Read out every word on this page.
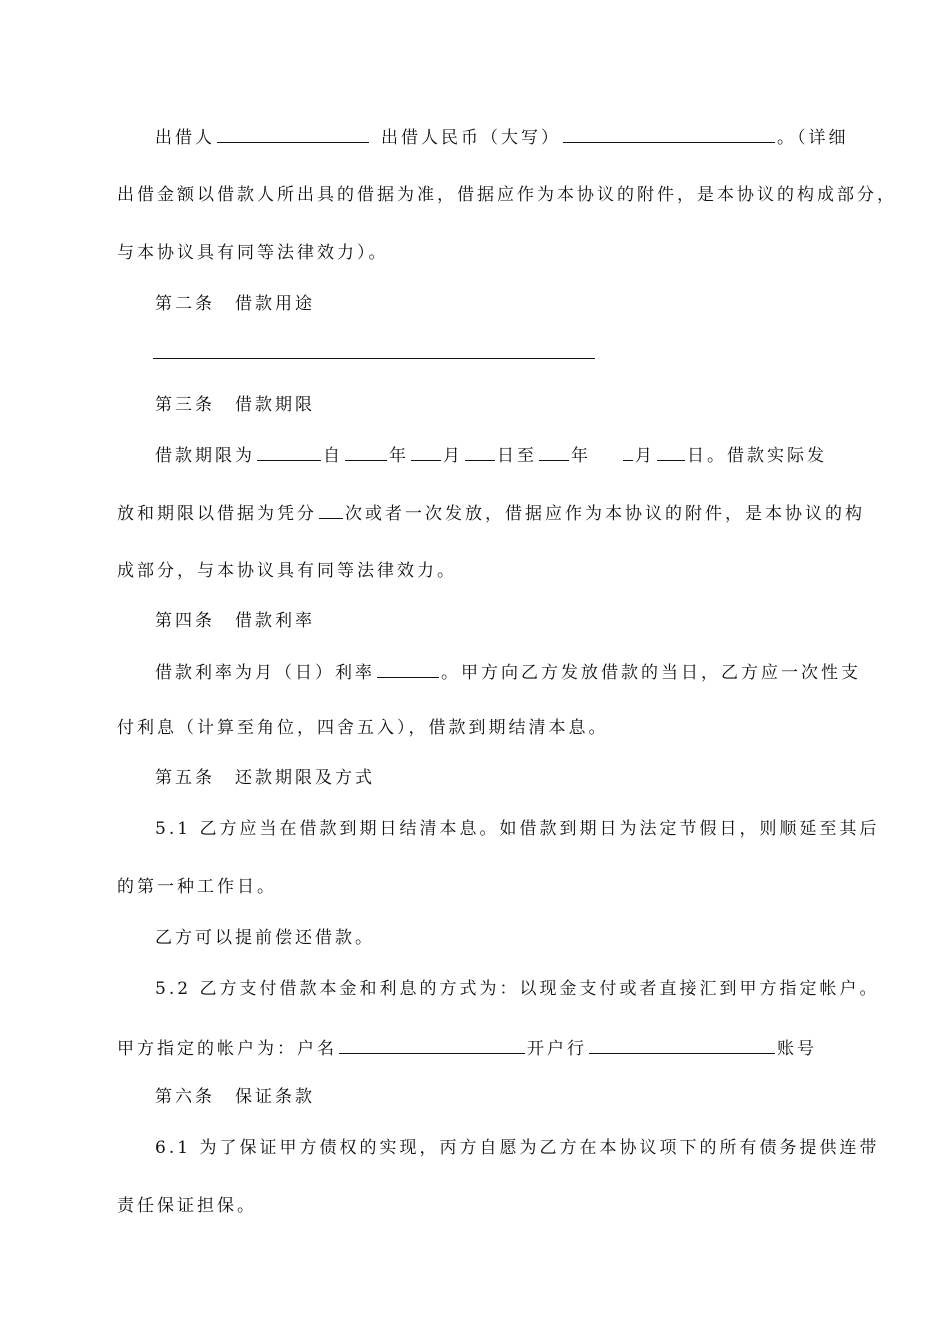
出借人	出借人民币（大写）	。（详细
出借金额以借款人所出具的借据为准，借据应作为本协议的附件，是本协议的构成部分，
与本协议具有同等法律效力）。
第二条　借款用途
第三条　借款期限
借款期限为	自	年 月 日至 年	月 日。借款实际发
放和期限以借据为凭分 次或者一次发放，借据应作为本协议的附件，是本协议的构
成部分，与本协议具有同等法律效力。
第四条　借款利率
借款利率为月（日）利率	。甲方向乙方发放借款的当日，乙方应一次性支
付利息（计算至角位，四舍五入），借款到期结清本息。
第五条　还款期限及方式
5.1 乙方应当在借款到期日结清本息。如借款到期日为法定节假日，则顺延至其后
的第一种工作日。
乙方可以提前偿还借款。
5.2 乙方支付借款本金和利息的方式为：以现金支付或者直接汇到甲方指定帐户。
甲方指定的帐户为：户名	开户行	账号
第六条　保证条款
6.1 为了保证甲方债权的实现，丙方自愿为乙方在本协议项下的所有债务提供连带
责任保证担保。
